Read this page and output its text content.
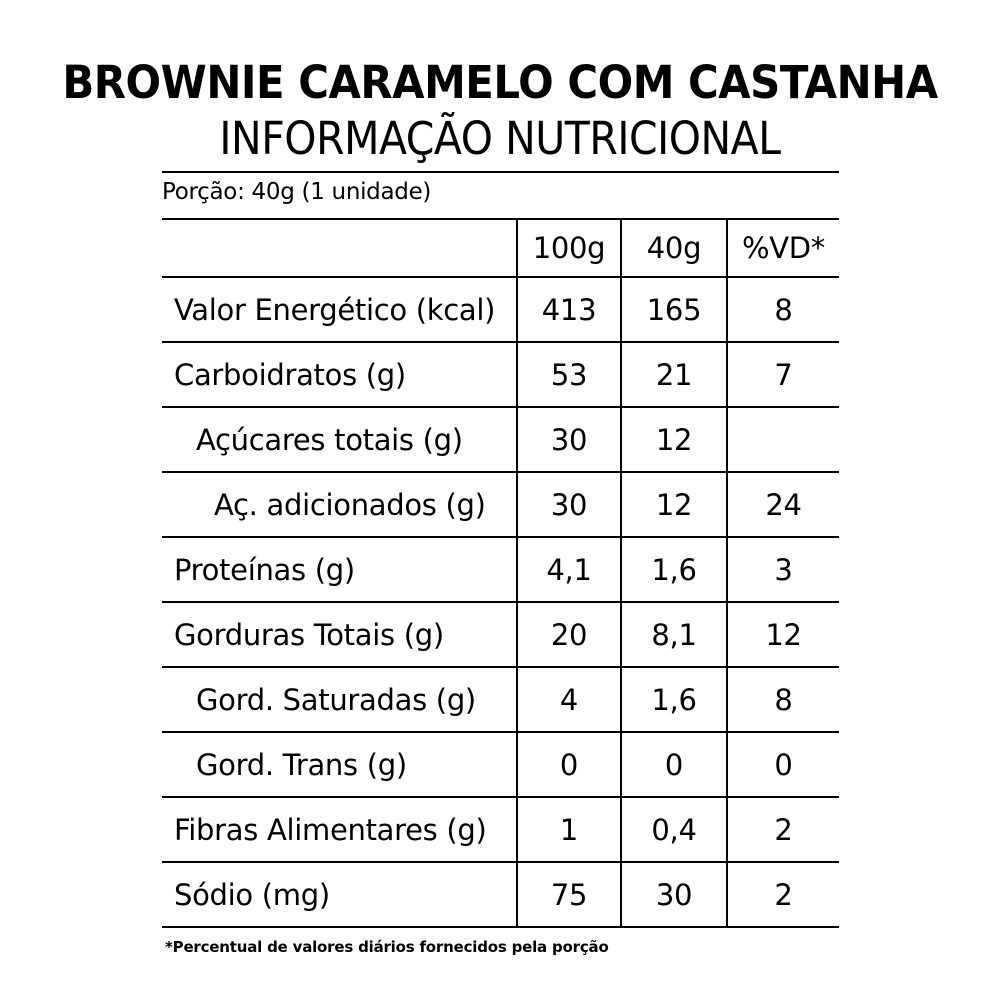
BROWNIE CARAMELO COM CASTANHA
INFORMAÇÃO NUTRICIONAL
Porção: 40g (1 unidade)
	100g	40g	%VD*
Valor Energético (kcal)	413	165	8
Carboidratos (g)	53	21	7
Açúcares totais (g)	30	12	
Aç. adicionados (g)	30	12	24
Proteínas (g)	4,1	1,6	3
Gorduras Totais (g)	20	8,1	12
Gord. Saturadas (g)	4	1,6	8
Gord. Trans (g)	0	0	0
Fibras Alimentares (g)	1	0,4	2
Sódio (mg)	75	30	2
*Percentual de valores diários fornecidos pela porção
